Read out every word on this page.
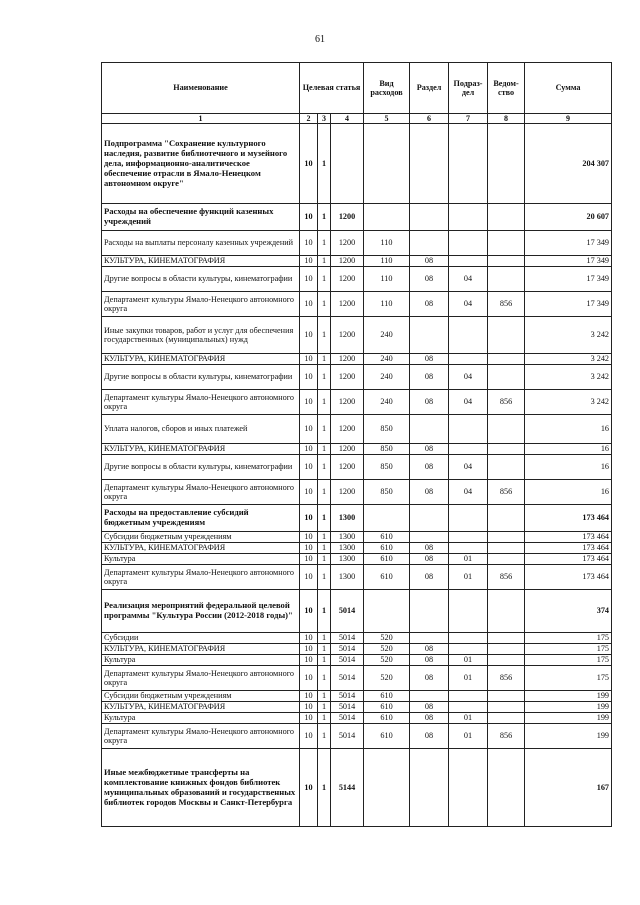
61
Наименование	Целевая статья			Вид расходов	Раздел	Подраз-дел	Ведом-ство	Сумма
1	2	3	4	5	6	7	8	9
Подпрограмма "Сохранение культурного наследия, развитие библиотечного и музейного дела, информационно-аналитическое обеспечение отрасли в Ямало-Ненецком автономном округе"	10	1						204 307
Расходы на обеспечение функций казенных учреждений	10	1	1200					20 607
Расходы на выплаты персоналу казенных учреждений	10	1	1200	110				17 349
КУЛЬТУРА, КИНЕМАТОГРАФИЯ	10	1	1200	110	08			17 349
Другие вопросы в области культуры, кинематографии	10	1	1200	110	08	04		17 349
Департамент культуры Ямало-Ненецкого автономного округа	10	1	1200	110	08	04	856	17 349
Иные закупки товаров, работ и услуг для обеспечения государственных (муниципальных) нужд	10	1	1200	240				3 242
КУЛЬТУРА, КИНЕМАТОГРАФИЯ	10	1	1200	240	08			3 242
Другие вопросы в области культуры, кинематографии	10	1	1200	240	08	04		3 242
Департамент культуры Ямало-Ненецкого автономного округа	10	1	1200	240	08	04	856	3 242
Уплата налогов, сборов и иных платежей	10	1	1200	850				16
КУЛЬТУРА, КИНЕМАТОГРАФИЯ	10	1	1200	850	08			16
Другие вопросы в области культуры, кинематографии	10	1	1200	850	08	04		16
Департамент культуры Ямало-Ненецкого автономного округа	10	1	1200	850	08	04	856	16
Расходы на предоставление субсидий бюджетным учреждениям	10	1	1300					173 464
Субсидии бюджетным учреждениям	10	1	1300	610				173 464
КУЛЬТУРА, КИНЕМАТОГРАФИЯ	10	1	1300	610	08			173 464
Культура	10	1	1300	610	08	01		173 464
Департамент культуры Ямало-Ненецкого автономного округа	10	1	1300	610	08	01	856	173 464
Реализация мероприятий федеральной целевой программы "Культура России (2012-2018 годы)"	10	1	5014					374
Субсидии	10	1	5014	520				175
КУЛЬТУРА, КИНЕМАТОГРАФИЯ	10	1	5014	520	08			175
Культура	10	1	5014	520	08	01		175
Департамент культуры Ямало-Ненецкого автономного округа	10	1	5014	520	08	01	856	175
Субсидии бюджетным учреждениям	10	1	5014	610				199
КУЛЬТУРА, КИНЕМАТОГРАФИЯ	10	1	5014	610	08			199
Культура	10	1	5014	610	08	01		199
Департамент культуры Ямало-Ненецкого автономного округа	10	1	5014	610	08	01	856	199
Иные межбюджетные трансферты на комплектование книжных фондов библиотек муниципальных образований и государственных библиотек городов Москвы и Санкт-Петербурга	10	1	5144					167
